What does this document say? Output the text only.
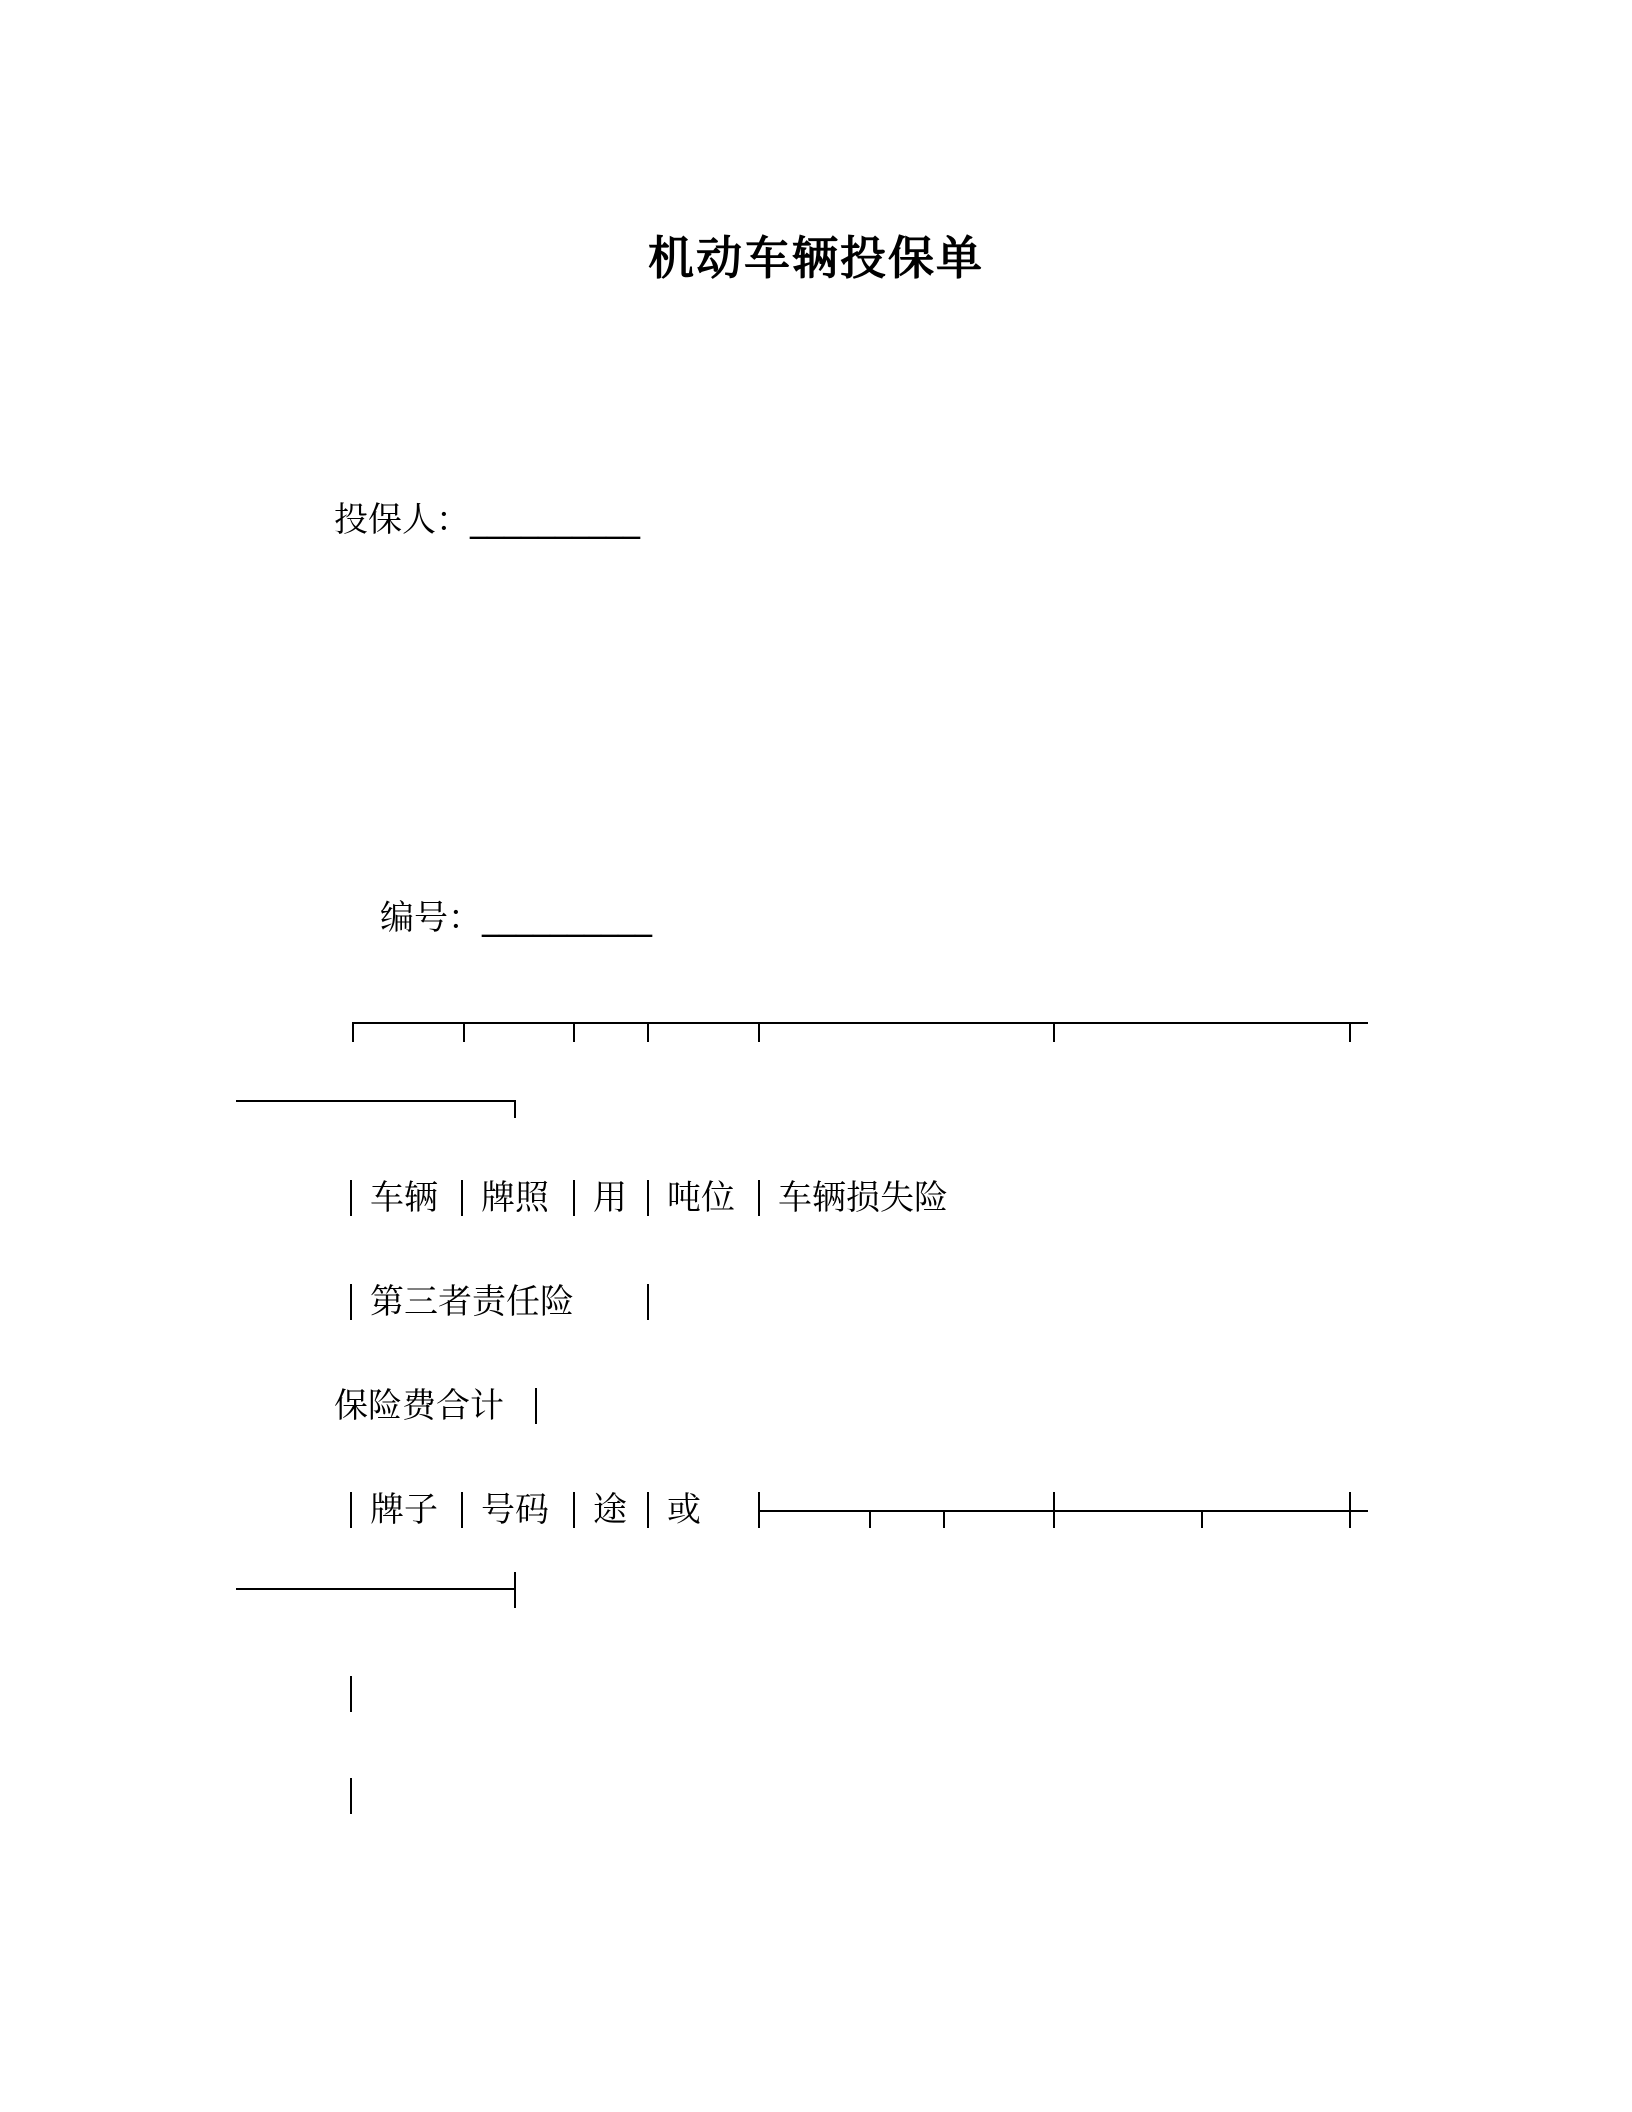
机动车辆投保单
投保人：__________
编号：__________
车辆 牌照 用 吨位 车辆损失险
第三者责任险
保险费合计
牌子 号码 途 或
